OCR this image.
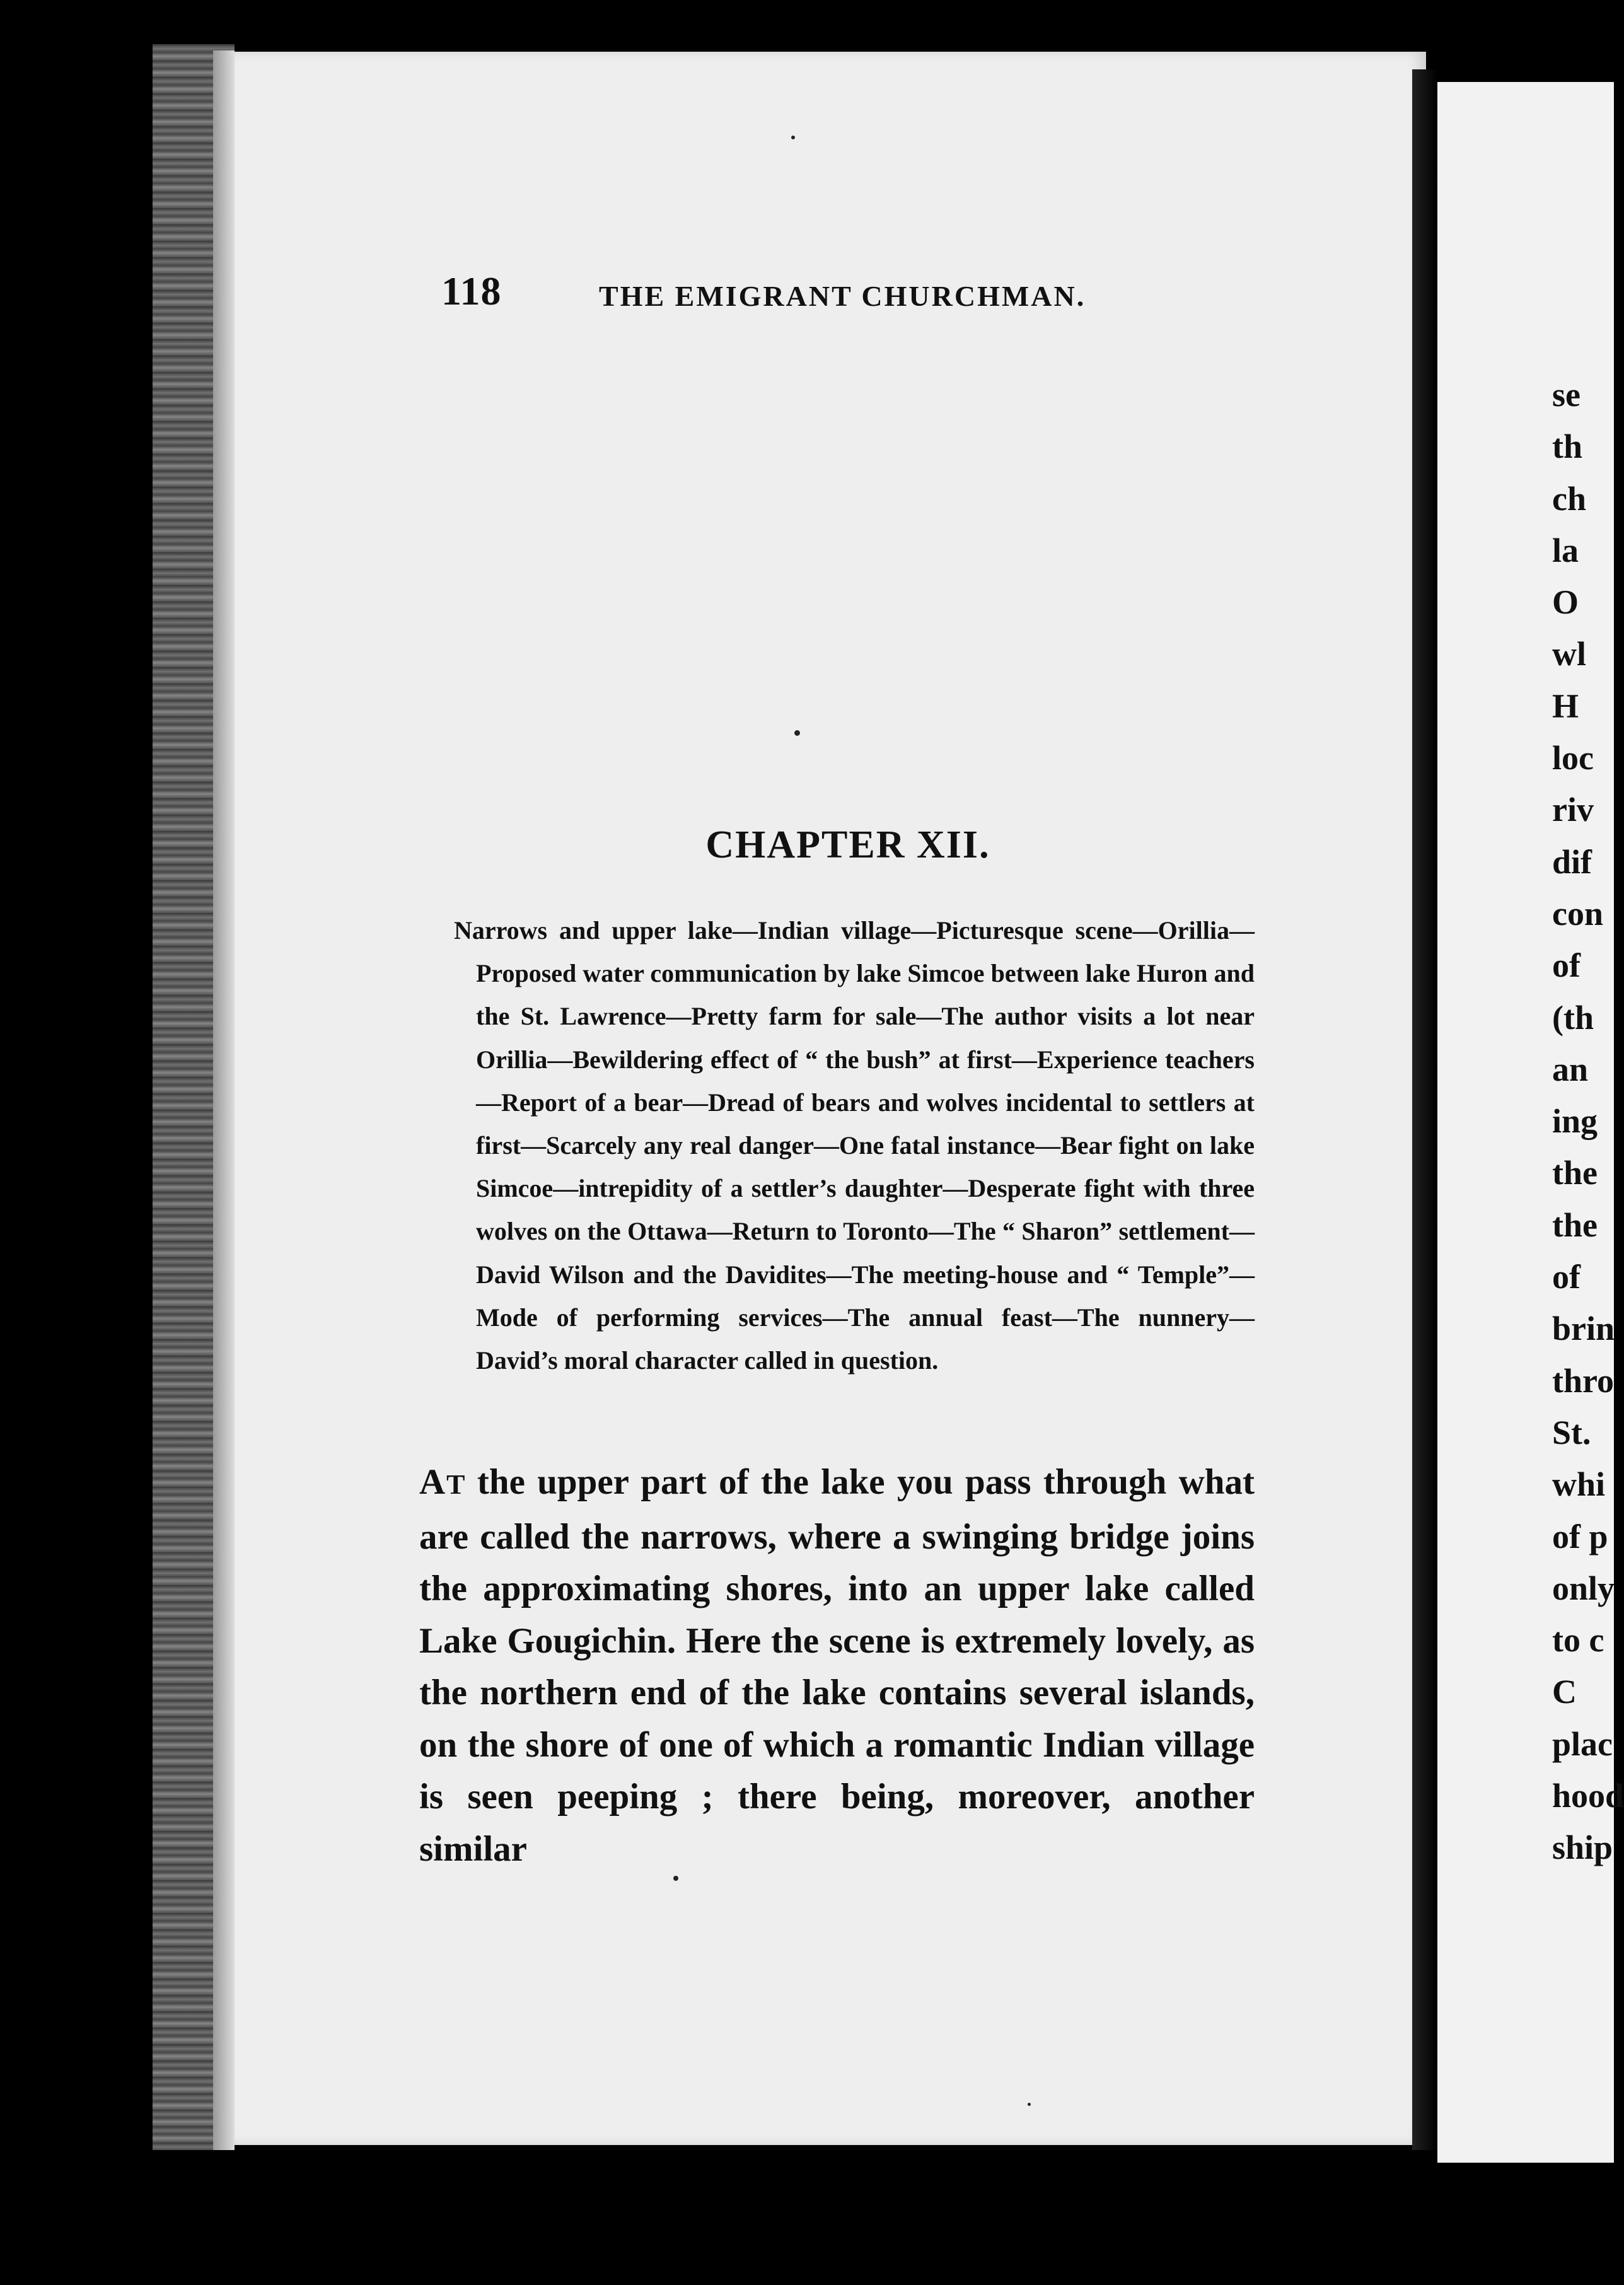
118	THE EMIGRANT CHURCHMAN.
CHAPTER XII.
Narrows and upper lake—Indian village—Picturesque scene—Orillia—Proposed water communication by lake Simcoe between lake Huron and the St. Lawrence—Pretty farm for sale—The author visits a lot near Orillia—Bewildering effect of “ the bush” at first—Experience teachers—Report of a bear—Dread of bears and wolves incidental to settlers at first—Scarcely any real danger—One fatal instance—Bear fight on lake Simcoe—intrepidity of a settler’s daughter—Desperate fight with three wolves on the Ottawa—Return to Toronto—The “ Sharon” settlement—David Wilson and the Davidites—The meeting-house and “ Temple”—Mode of performing services—The annual feast—The nunnery—David’s moral character called in question.
AT the upper part of the lake you pass through what are called the narrows, where a swinging bridge joins the approximating shores, into an upper lake called Lake Gougichin. Here the scene is extremely lovely, as the northern end of the lake contains several islands, on the shore of one of which a romantic Indian village is seen peeping ; there being, moreover, another similar
se
th
ch
la
O
wl
H
loc
riv
dif
con
of
(th
an
ing
the
the
of
brin
thro
St.
whi
of p
only
to c
C
plac
hood
ship
